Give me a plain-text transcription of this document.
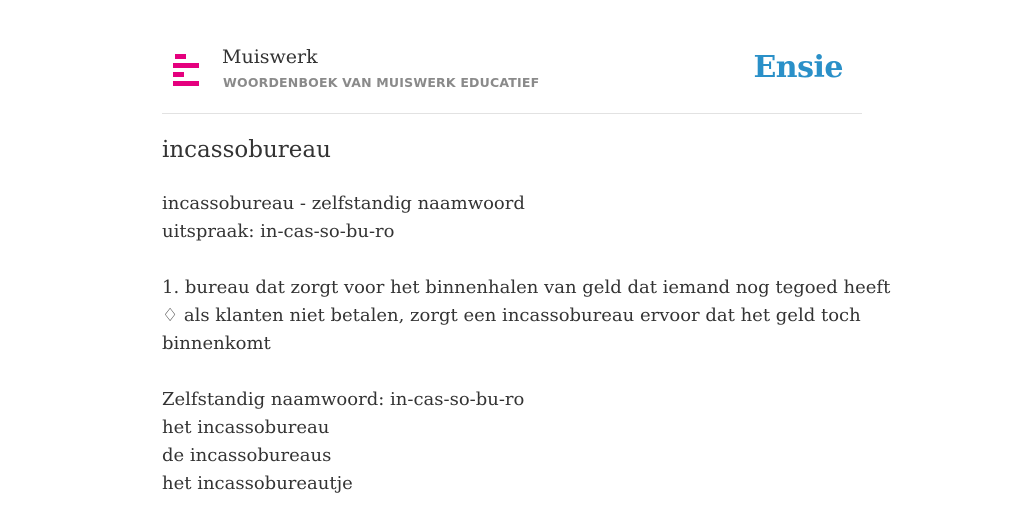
Muiswerk
WOORDENBOEK VAN MUISWERK EDUCATIEF	Ensie
incassobureau
incassobureau - zelfstandig naamwoord
uitspraak: in-cas-so-bu-ro
1. bureau dat zorgt voor het binnenhalen van geld dat iemand nog tegoed heeft
♢ als klanten niet betalen, zorgt een incassobureau ervoor dat het geld toch binnenkomt
Zelfstandig naamwoord: in-cas-so-bu-ro
het incassobureau
de incassobureaus
het incassobureautje
